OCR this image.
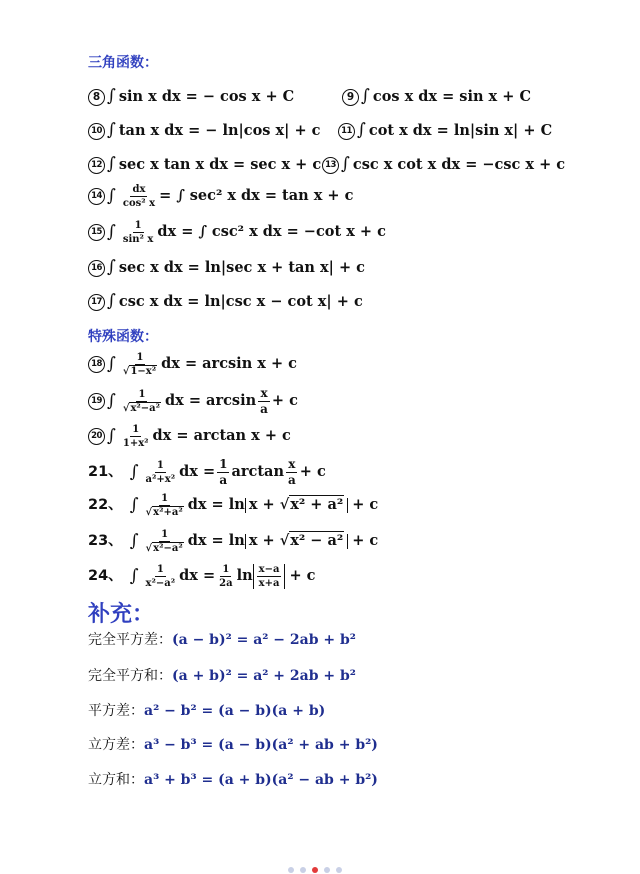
三角函数：
8 ∫ sin x dx = − cos x + C	9 ∫ cos x dx = sin x + C
10 ∫ tan x dx = − ln|cos x| + c	11 ∫ cot x dx = ln|sin x| + C
12 ∫ sec x tan x dx = sec x + c 13 ∫ csc x cot x dx = −csc x + c
14 ∫ $\frac{dx}{\text{cos² x}}$ = ∫ sec² x dx = tan x + c
15 ∫ $\frac{1}{\text{sin² x}}$ dx = ∫ csc² x dx = −cot x + c
16 ∫ sec x dx = ln|sec x + tan x| + c
17 ∫ csc x dx = ln|csc x − cot x| + c
特殊函数：
18 ∫ $\frac{1}{\text{√1−x²}}$ dx = arcsin x + c
19 ∫ $\frac{1}{\text{√x²−a²}}$ dx = $\arcsin \frac{x}{a} + c$
20 ∫ $\frac{1}{\text{1+x²}}$ dx = arctan x + c
21、 ∫ $\frac{1}{\text{a²+x²}}$ dx = $\frac{1}{a}$ $\arctan \frac{x}{a} + c$
22、 ∫ $\frac{1}{\text{√x²+a²}}$ dx = ln x + √x² + a² + c
23、 ∫ $\frac{1}{\text{√x²−a²}}$ dx = ln x + √x² − a² + c
24、 ∫ $\frac{1}{\text{x²−a²}}$ dx = $\frac{1}{2a}$ $\ln \frac{x-a}{x+a} + c$
补充：
完全平方差：(a − b)² = a² − 2ab + b²
完全平方和：(a + b)² = a² + 2ab + b²
平方差：a² − b² = (a − b)(a + b)
立方差：a³ − b³ = (a − b)(a² + ab + b²)
立方和：a³ + b³ = (a + b)(a² − ab + b²)
